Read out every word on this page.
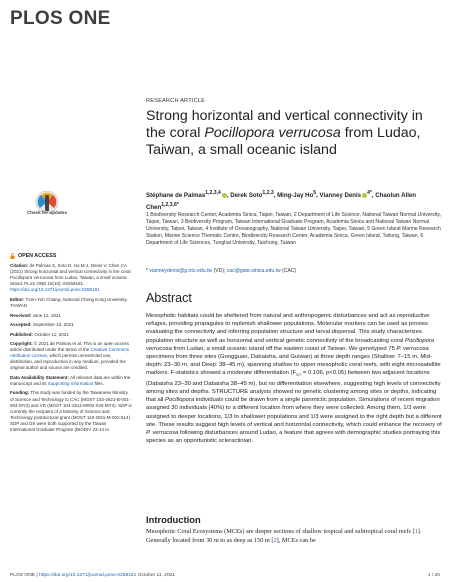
PLOS ONE
Check for updates
RESEARCH ARTICLE
Strong horizontal and vertical connectivity in the coral Pocillopora verrucosa from Ludao, Taiwan, a small oceanic island
Stéphane de Palmas$^{1,2,3,4}$ , Derek Soto$^{1,2,3}$, Ming-Jay Ho$^5$, Vianney Denis $^{4*}$, Chaolun Allen Chen$^{1,2,3,6*}$
1 Biodiversity Research Center, Academia Sinica, Taipei, Taiwan, 2 Department of Life Science, National Taiwan Normal University, Taipei, Taiwan, 3 Biodiversity Program, Taiwan International Graduate Program, Academia Sinica and National Taiwan Normal University, Taipei, Taiwan, 4 Institute of Oceanography, National Taiwan University, Taipei, Taiwan, 5 Green Island Marine Research Station, Marine Science Thematic Centre, Biodiversity Research Center, Academia Sinica, Green Island, Taitung, Taiwan, 6 Department of Life Sciences, Tunghai University, Taichung, Taiwan
* vianneydenis@g.ntu.edu.tw (VD); cac@gate.sinica.edu.tw (CAC)
Abstract
Mesophotic habitats could be sheltered from natural and anthropogenic disturbances and act as reproductive refuges, providing propagules to replenish shallower populations. Molecular markers can be used as proxies evaluating the connectivity and inferring population structure and larval dispersal. This study characterizes population structure as well as horizontal and vertical genetic connectivity of the broadcasting coral Pocillopora verrucosa from Ludao, a small oceanic island off the eastern coast of Taiwan. We genotyped 75 P. verrucosa specimens from three sites (Gongguan, Dabaisha, and Guiwan) at three depth ranges (Shallow: 7–15 m, Mid-depth: 23–30 m, and Deep: 38–45 m), spanning shallow to upper mesophotic coral reefs, with eight microsatellite markers. F-statistics showed a moderate differentiation ($F_{ST} = 0.106$, p<0.05) between two adjacent locations (Dabaisha 23–30 and Dabaisha 38–45 m), but no differentiation elsewhere, suggesting high levels of connectivity among sites and depths. STRUCTURE analysis showed no genetic clustering among sites or depths, indicating that all Pocillopora individuals could be drawn from a single panmictic population. Simulations of recent migration assigned 30 individuals (40%) to a different location from where they were collected. Among them, 1/3 were assigned to deeper locations, 1/3 to shallower populations and 1/3 were assigned to the right depth but a different site. These results suggest high levels of vertical and horizontal connectivity, which could enhance the recovery of P. verrucosa following disturbances around Ludao, a feature that agrees with demographic studies portraying this species as an opportunistic scleractinian.
Introduction
Mesophotic Coral Ecosystems (MCEs) are deeper sections of shallow tropical and subtropical coral reefs [1]. Generally located from 30 m to as deep as 150 m [2], MCEs can be
OPEN ACCESS

Citation: de Palmas S, Soto D, Ho M-J, Denis V, Chen CA (2021) Strong horizontal and vertical connectivity in the coral Pocillopora verrucosa from Ludao, Taiwan, a small oceanic island. PLoS ONE 16(10): e0258181. https://doi.org/10.1371/journal.pone.0258181

Editor: Tzen-Yuh Chiang, National Cheng Kung University, TAIWAN

Received: June 12, 2021

Accepted: September 22, 2021

Published: October 11, 2021

Copyright: © 2021 de Palmas et al. This is an open access article distributed under the terms of the Creative Commons Attribution License, which permits unrestricted use, distribution, and reproduction in any medium, provided the original author and source are credited.

Data Availability Statement: All relevant data are within the manuscript and its Supporting Information files.

Funding: This study was funded by the Taiwanese Ministry of Science and Technology to CAC (MOST 103-2621-B-001-004-MY3) and VD (MOST 104-2611-M002-020-MY2). SDP is currently the recipient of a Ministry of Science and Technology postdoctoral grant (MOST 110-2811-M-002-514). SDP and DS were both supported by the Taiwan International Graduate Program (BIODIV 23-14 to

PLOS ONE | https://doi.org/10.1371/journal.pone.0258181 October 11, 2021	1 / 20
